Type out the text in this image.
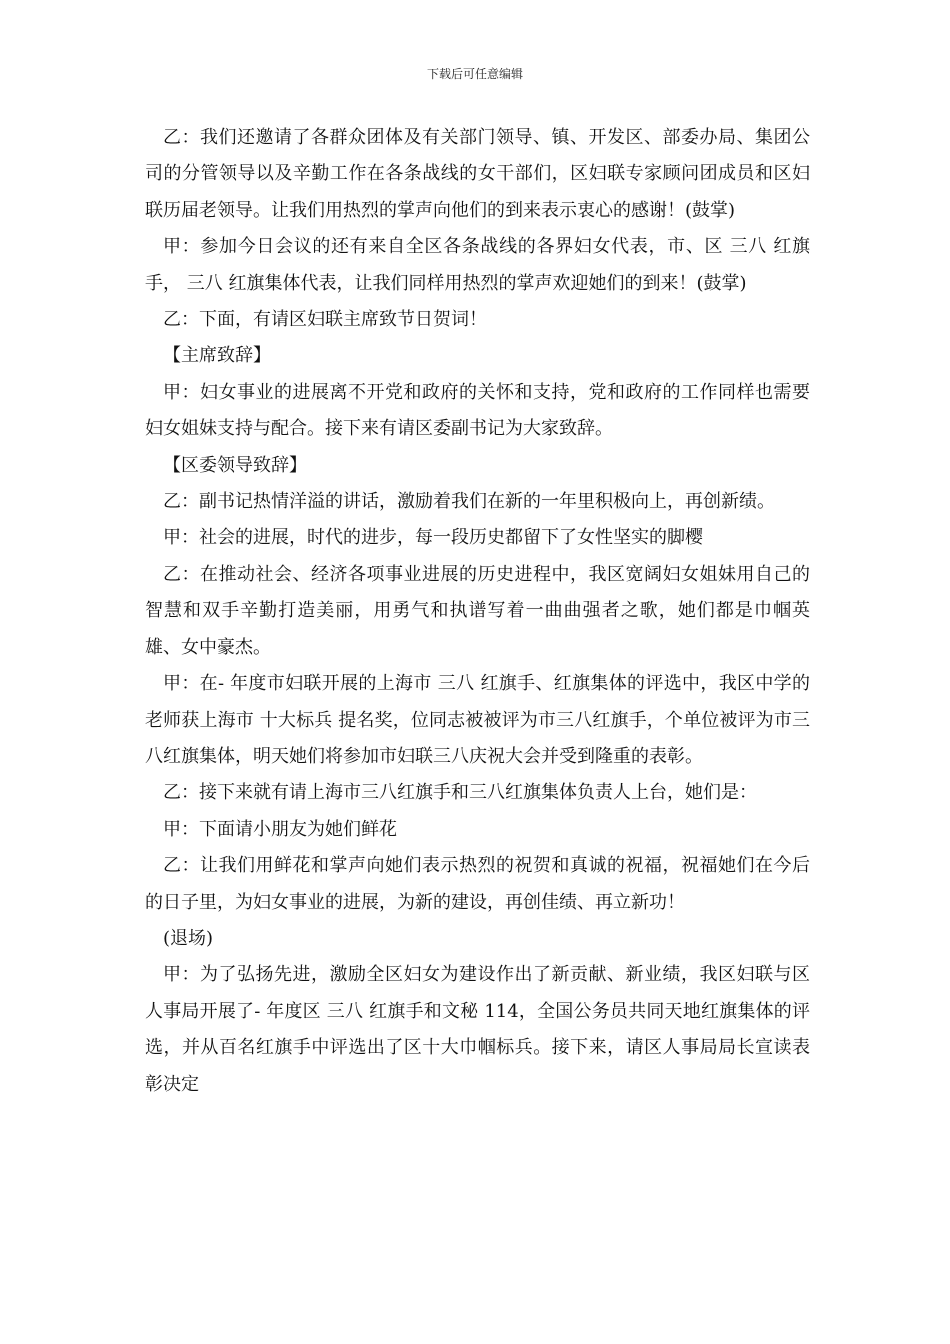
下载后可任意编辑

乙：我们还邀请了各群众团体及有关部门领导、镇、开发区、部委办局、集团公司的分管领导以及辛勤工作在各条战线的女干部们，区妇联专家顾问团成员和区妇联历届老领导。让我们用热烈的掌声向他们的到来表示衷心的感谢！(鼓掌)

甲：参加今日会议的还有来自全区各条战线的各界妇女代表，市、区 三八 红旗手， 三八 红旗集体代表，让我们同样用热烈的掌声欢迎她们的到来！(鼓掌)

乙：下面，有请区妇联主席致节日贺词！

【主席致辞】

甲：妇女事业的进展离不开党和政府的关怀和支持，党和政府的工作同样也需要妇女姐妹支持与配合。接下来有请区委副书记为大家致辞。

【区委领导致辞】

乙：副书记热情洋溢的讲话，激励着我们在新的一年里积极向上，再创新绩。

甲：社会的进展，时代的进步，每一段历史都留下了女性坚实的脚樱

乙：在推动社会、经济各项事业进展的历史进程中，我区宽阔妇女姐妹用自己的智慧和双手辛勤打造美丽，用勇气和执谱写着一曲曲强者之歌，她们都是巾帼英雄、女中豪杰。

甲：在- 年度市妇联开展的上海市 三八 红旗手、红旗集体的评选中，我区中学的老师获上海市 十大标兵 提名奖，位同志被被评为市三八红旗手，个单位被评为市三八红旗集体，明天她们将参加市妇联三八庆祝大会并受到隆重的表彰。

乙：接下来就有请上海市三八红旗手和三八红旗集体负责人上台，她们是：

甲：下面请小朋友为她们鲜花

乙：让我们用鲜花和掌声向她们表示热烈的祝贺和真诚的祝福，祝福她们在今后的日子里，为妇女事业的进展，为新的建设，再创佳绩、再立新功！

(退场)

甲：为了弘扬先进，激励全区妇女为建设作出了新贡献、新业绩，我区妇联与区人事局开展了- 年度区 三八 红旗手和文秘 114，全国公务员共同天地红旗集体的评选，并从百名红旗手中评选出了区十大巾帼标兵。接下来，请区人事局局长宣读表彰决定
